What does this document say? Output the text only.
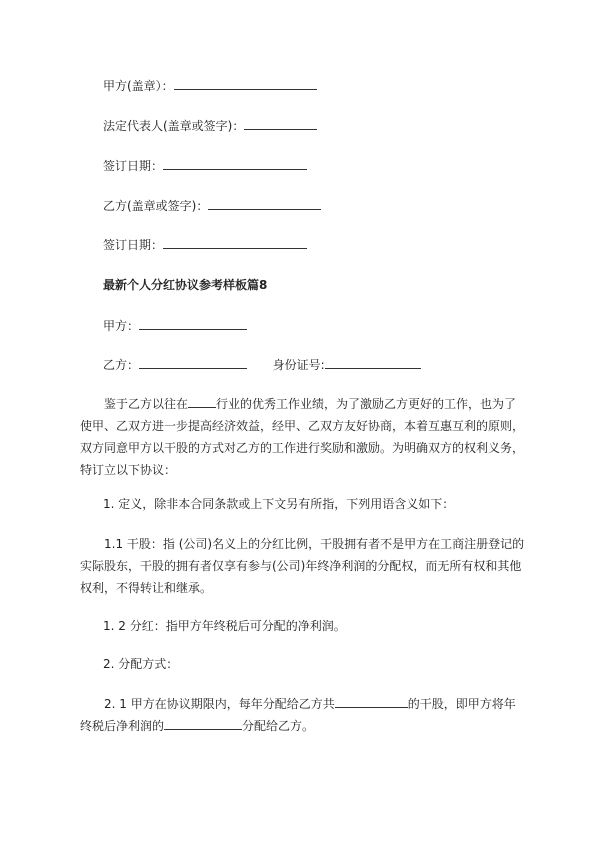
甲方(盖章）：
法定代表人(盖章或签字)：
签订日期：
乙方(盖章或签字)：
签订日期：
最新个人分红协议参考样板篇8
甲方：
乙方：	身份证号:
鉴于乙方以往在 行业的优秀工作业绩，为了激励乙方更好的工作，也为了使甲、乙双方进一步提高经济效益，经甲、乙双方友好协商，本着互惠互利的原则，双方同意甲方以干股的方式对乙方的工作进行奖励和激励。为明确双方的权利义务，特订立以下协议：
1. 定义，除非本合同条款或上下文另有所指，下列用语含义如下：
1.1 干股：指 (公司)名义上的分红比例，干股拥有者不是甲方在工商注册登记的实际股东，干股的拥有者仅享有参与(公司)年终净利润的分配权，而无所有权和其他权利，不得转让和继承。
1. 2 分红：指甲方年终税后可分配的净利润。
2. 分配方式：
2. 1 甲方在协议期限内，每年分配给乙方共	的干股，即甲方将年终税后净利润的	分配给乙方。
